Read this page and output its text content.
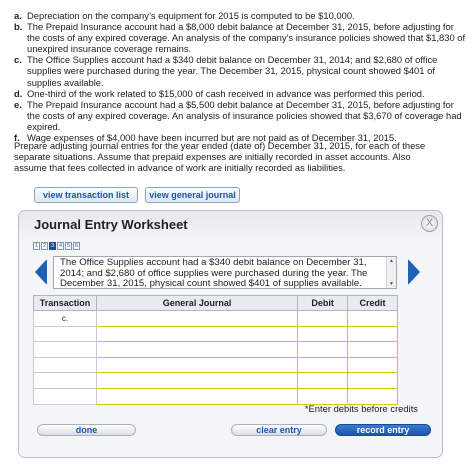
a. Depreciation on the company’s equipment for 2015 is computed to be $10,000.
b. The Prepaid Insurance account had a $8,000 debit balance at December 31, 2015, before adjusting for the costs of any expired coverage. An analysis of the company’s insurance policies showed that $1,830 of unexpired insurance coverage remains.
c. The Office Supplies account had a $340 debit balance on December 31, 2014; and $2,680 of office supplies were purchased during the year. The December 31, 2015, physical count showed $401 of supplies available.
d. One-third of the work related to $15,000 of cash received in advance was performed this period.
e. The Prepaid Insurance account had a $5,500 debit balance at December 31, 2015, before adjusting for the costs of any expired coverage. An analysis of insurance policies showed that $3,670 of coverage had expired.
f. Wage expenses of $4,000 have been incurred but are not paid as of December 31, 2015.

Prepare adjusting journal entries for the year ended (date of) December 31, 2015, for each of these separate situations. Assume that prepaid expenses are initially recorded in asset accounts. Also assume that fees collected in advance of work are initially recorded as liabilities.

view transaction list	view general journal
Journal Entry Worksheet	X
1 2 3 4 5 6
The Office Supplies account had a $340 debit balance on December 31, 2014; and $2,680 of office supplies were purchased during the year. The December 31, 2015, physical count showed $401 of supplies available.
▲
▼
Transaction	General Journal	Debit	Credit
c.			

*Enter debits before credits
done	clear entry	record entry
